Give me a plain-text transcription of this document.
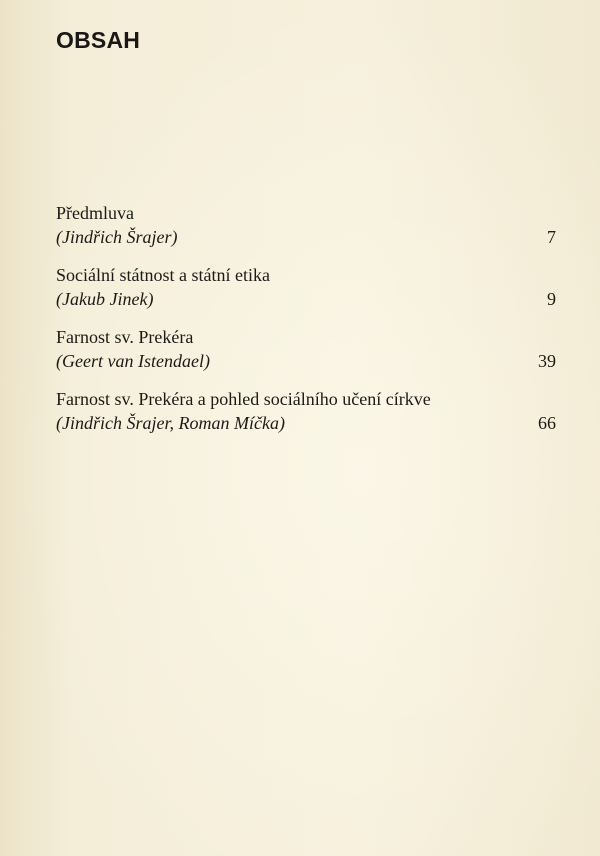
OBSAH
Předmluva
(Jindřich Šrajer)	7
Sociální státnost a státní etika
(Jakub Jinek)	9
Farnost sv. Prekéra
(Geert van Istendael)	39
Farnost sv. Prekéra a pohled sociálního učení církve
(Jindřich Šrajer, Roman Míčka)	66
